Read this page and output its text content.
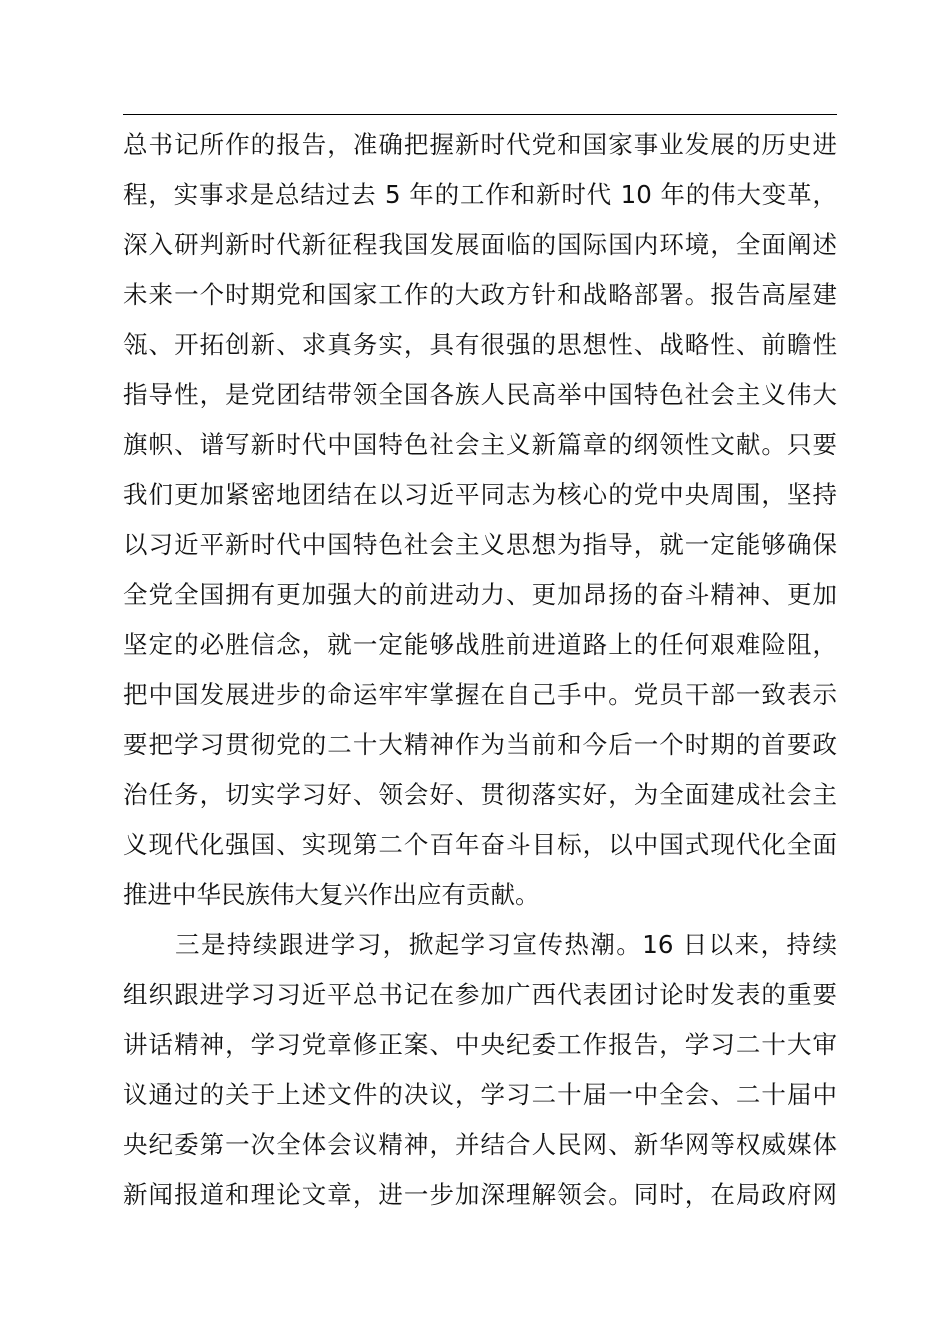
总书记所作的报告，准确把握新时代党和国家事业发展的历史进
程，实事求是总结过去 5 年的工作和新时代 10 年的伟大变革，
深入研判新时代新征程我国发展面临的国际国内环境，全面阐述
未来一个时期党和国家工作的大政方针和战略部署。报告高屋建
瓴、开拓创新、求真务实，具有很强的思想性、战略性、前瞻性
指导性，是党团结带领全国各族人民高举中国特色社会主义伟大
旗帜、谱写新时代中国特色社会主义新篇章的纲领性文献。只要
我们更加紧密地团结在以习近平同志为核心的党中央周围，坚持
以习近平新时代中国特色社会主义思想为指导，就一定能够确保
全党全国拥有更加强大的前进动力、更加昂扬的奋斗精神、更加
坚定的必胜信念，就一定能够战胜前进道路上的任何艰难险阻，
把中国发展进步的命运牢牢掌握在自己手中。党员干部一致表示
要把学习贯彻党的二十大精神作为当前和今后一个时期的首要政
治任务，切实学习好、领会好、贯彻落实好，为全面建成社会主
义现代化强国、实现第二个百年奋斗目标，以中国式现代化全面
推进中华民族伟大复兴作出应有贡献。
三是持续跟进学习，掀起学习宣传热潮。16 日以来，持续
组织跟进学习习近平总书记在参加广西代表团讨论时发表的重要
讲话精神，学习党章修正案、中央纪委工作报告，学习二十大审
议通过的关于上述文件的决议，学习二十届一中全会、二十届中
央纪委第一次全体会议精神，并结合人民网、新华网等权威媒体
新闻报道和理论文章，进一步加深理解领会。同时，在局政府网
